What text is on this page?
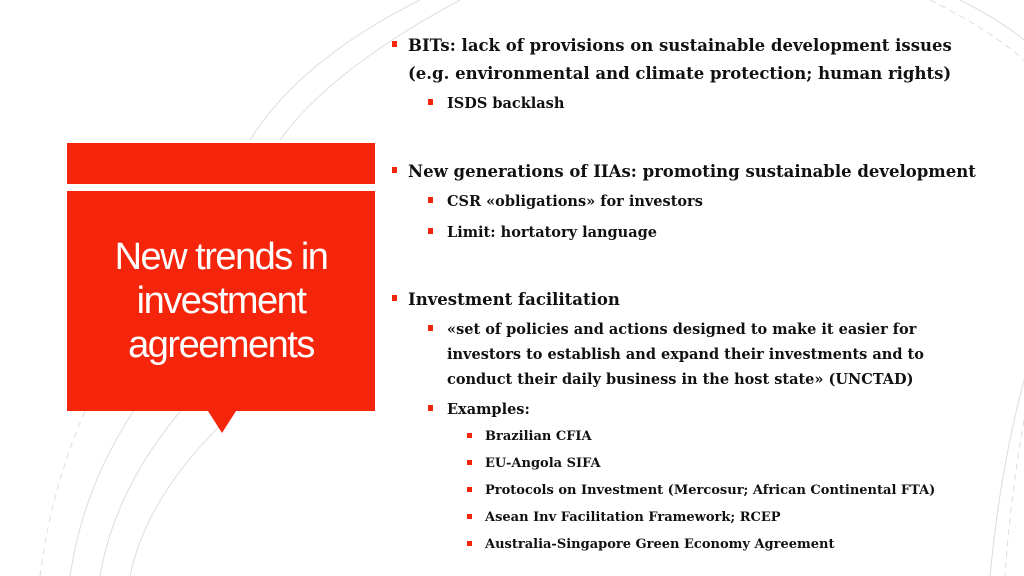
New trends in investment agreements
BITs: lack of provisions on sustainable development issues
(e.g. environmental and climate protection; human rights)
ISDS backlash
New generations of IIAs: promoting sustainable development
CSR «obligations» for investors
Limit: hortatory language
Investment facilitation
«set of policies and actions designed to make it easier for
investors to establish and expand their investments and to
conduct their daily business in the host state» (UNCTAD)
Examples:
Brazilian CFIA
EU-Angola SIFA
Protocols on Investment (Mercosur; African Continental FTA)
Asean Inv Facilitation Framework; RCEP
Australia-Singapore Green Economy Agreement
